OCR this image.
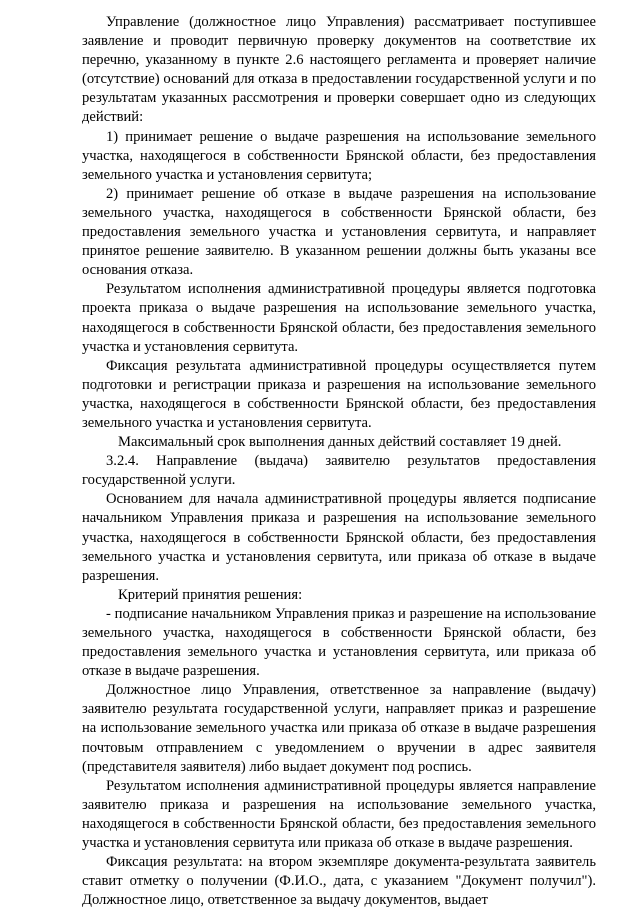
Управление (должностное лицо Управления) рассматривает поступившее заявление и проводит первичную проверку документов на соответствие их перечню, указанному в пункте 2.6 настоящего регламента и проверяет наличие (отсутствие) оснований для отказа в предоставлении государственной услуги и по результатам указанных рассмотрения и проверки совершает одно из следующих действий:

1) принимает решение о выдаче разрешения на использование земельного участка, находящегося в собственности Брянской области, без предоставления земельного участка и установления сервитута;

2) принимает решение об отказе в выдаче разрешения на использование земельного участка, находящегося в собственности Брянской области, без предоставления земельного участка и установления сервитута, и направляет принятое решение заявителю. В указанном решении должны быть указаны все основания отказа.

Результатом исполнения административной процедуры является подготовка проекта приказа о выдаче разрешения на использование земельного участка, находящегося в собственности Брянской области, без предоставления земельного участка и установления сервитута.

Фиксация результата административной процедуры осуществляется путем подготовки и регистрации приказа и разрешения на использование земельного участка, находящегося в собственности Брянской области, без предоставления земельного участка и установления сервитута.

Максимальный срок выполнения данных действий составляет 19 дней.

3.2.4. Направление (выдача) заявителю результатов предоставления государственной услуги.

Основанием для начала административной процедуры является подписание начальником Управления приказа и разрешения на использование земельного участка, находящегося в собственности Брянской области, без предоставления земельного участка и установления сервитута, или приказа об отказе в выдаче разрешения.

Критерий принятия решения:

- подписание начальником Управления приказ и разрешение на использование земельного участка, находящегося в собственности Брянской области, без предоставления земельного участка и установления сервитута, или приказа об отказе в выдаче разрешения.

Должностное лицо Управления, ответственное за направление (выдачу) заявителю результата государственной услуги, направляет приказ и разрешение на использование земельного участка или приказа об отказе в выдаче разрешения почтовым отправлением с уведомлением о вручении в адрес заявителя (представителя заявителя) либо выдает документ под роспись.

Результатом исполнения административной процедуры является направление заявителю приказа и разрешения на использование земельного участка, находящегося в собственности Брянской области, без предоставления земельного участка и установления сервитута или приказа об отказе в выдаче разрешения.

Фиксация результата: на втором экземпляре документа-результата заявитель ставит отметку о получении (Ф.И.О., дата, с указанием "Документ получил"). Должностное лицо, ответственное за выдачу документов, выдает
